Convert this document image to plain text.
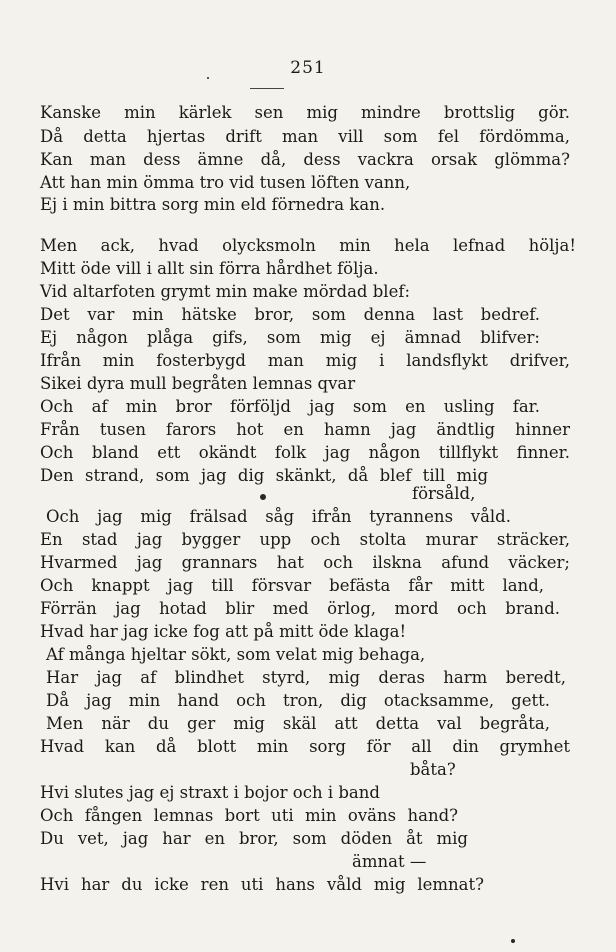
251
Kanske min kärlek sen mig mindre brottslig gör.
Då detta hjertas drift man vill som fel fördömma,
Kan man dess ämne då, dess vackra orsak glömma?
Att han min ömma tro vid tusen löften vann,
Ej i min bittra sorg min eld förnedra kan.
Men ack, hvad olycksmoln min hela lefnad hölja!
Mitt öde vill i allt sin förra hårdhet följa.
Vid altarfoten grymt min make mördad blef:
Det var min hätske bror, som denna last bedref.
Ej någon plåga gifs, som mig ej ämnad blifver:
Ifrån min fosterbygd man mig i landsflykt drifver,
Sikei dyra mull begråten lemnas qvar
Och af min bror förföljd jag som en usling far.
Från tusen farors hot en hamn jag ändtlig hinner
Och bland ett okändt folk jag någon tillflykt finner.
Den strand, som jag dig skänkt, då blef till mig
försåld,
Och jag mig frälsad såg ifrån tyrannens våld.
En stad jag bygger upp och stolta murar sträcker,
Hvarmed jag grannars hat och ilskna afund väcker;
Och knappt jag till försvar befästa får mitt land,
Förrän jag hotad blir med örlog, mord och brand.
Hvad har jag icke fog att på mitt öde klaga!
Af många hjeltar sökt, som velat mig behaga,
Har jag af blindhet styrd, mig deras harm beredt,
Då jag min hand och tron, dig otacksamme, gett.
Men när du ger mig skäl att detta val begråta,
Hvad kan då blott min sorg för all din grymhet
båta?
Hvi slutes jag ej straxt i bojor och i band
Och fången lemnas bort uti min oväns hand?
Du vet, jag har en bror, som döden åt mig
ämnat —
Hvi har du icke ren uti hans våld mig lemnat?
